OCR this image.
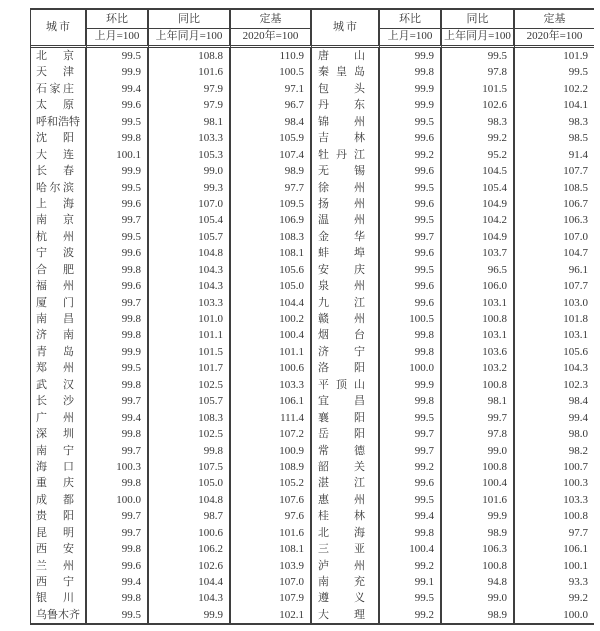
城市
环比	同比	定基
上月=100	上年同月=100	2020年=100
北京	99.5	108.8	110.9
天津	99.9	101.6	100.5
石家庄	99.4	97.9	97.1
太原	99.6	97.9	96.7
呼和浩特	99.5	98.1	98.4
沈阳	99.8	103.3	105.9
大连	100.1	105.3	107.4
长春	99.9	99.0	98.9
哈尔滨	99.5	99.3	97.7
上海	99.6	107.0	109.5
南京	99.7	105.4	106.9
杭州	99.5	105.7	108.3
宁波	99.6	104.8	108.1
合肥	99.8	104.3	105.6
福州	99.6	104.3	105.0
厦门	99.7	103.3	104.4
南昌	99.8	101.0	100.2
济南	99.8	101.1	100.4
青岛	99.9	101.5	101.1
郑州	99.5	101.7	100.6
武汉	99.8	102.5	103.3
长沙	99.7	105.7	106.1
广州	99.4	108.3	111.4
深圳	99.8	102.5	107.2
南宁	99.7	99.8	100.9
海口	100.3	107.5	108.9
重庆	99.8	105.0	105.2
成都	100.0	104.8	107.6
贵阳	99.7	98.7	97.6
昆明	99.7	100.6	101.6
西安	99.8	106.2	108.1
兰州	99.6	102.6	103.9
西宁	99.4	104.4	107.0
银川	99.8	104.3	107.9
乌鲁木齐	99.5	99.9	102.1
城市
环比	同比	定基
上月=100	上年同月=100	2020年=100
唐山	99.9	99.5	101.9
秦皇岛	99.8	97.8	99.5
包头	99.9	101.5	102.2
丹东	99.9	102.6	104.1
锦州	99.5	98.3	98.3
吉林	99.6	99.2	98.5
牡丹江	99.2	95.2	91.4
无锡	99.6	104.5	107.7
徐州	99.5	105.4	108.5
扬州	99.6	104.9	106.7
温州	99.5	104.2	106.3
金华	99.7	104.9	107.0
蚌埠	99.6	103.7	104.7
安庆	99.5	96.5	96.1
泉州	99.6	106.0	107.7
九江	99.6	103.1	103.0
赣州	100.5	100.8	101.8
烟台	99.8	103.1	103.1
济宁	99.8	103.6	105.6
洛阳	100.0	103.2	104.3
平顶山	99.9	100.8	102.3
宜昌	99.8	98.1	98.4
襄阳	99.5	99.7	99.4
岳阳	99.7	97.8	98.0
常德	99.7	99.0	98.2
韶关	99.2	100.8	100.7
湛江	99.6	100.4	100.3
惠州	99.5	101.6	103.3
桂林	99.4	99.9	100.8
北海	99.8	98.9	97.7
三亚	100.4	106.3	106.1
泸州	99.2	100.8	100.1
南充	99.1	94.8	93.3
遵义	99.5	99.0	99.2
大理	99.2	98.9	100.0
